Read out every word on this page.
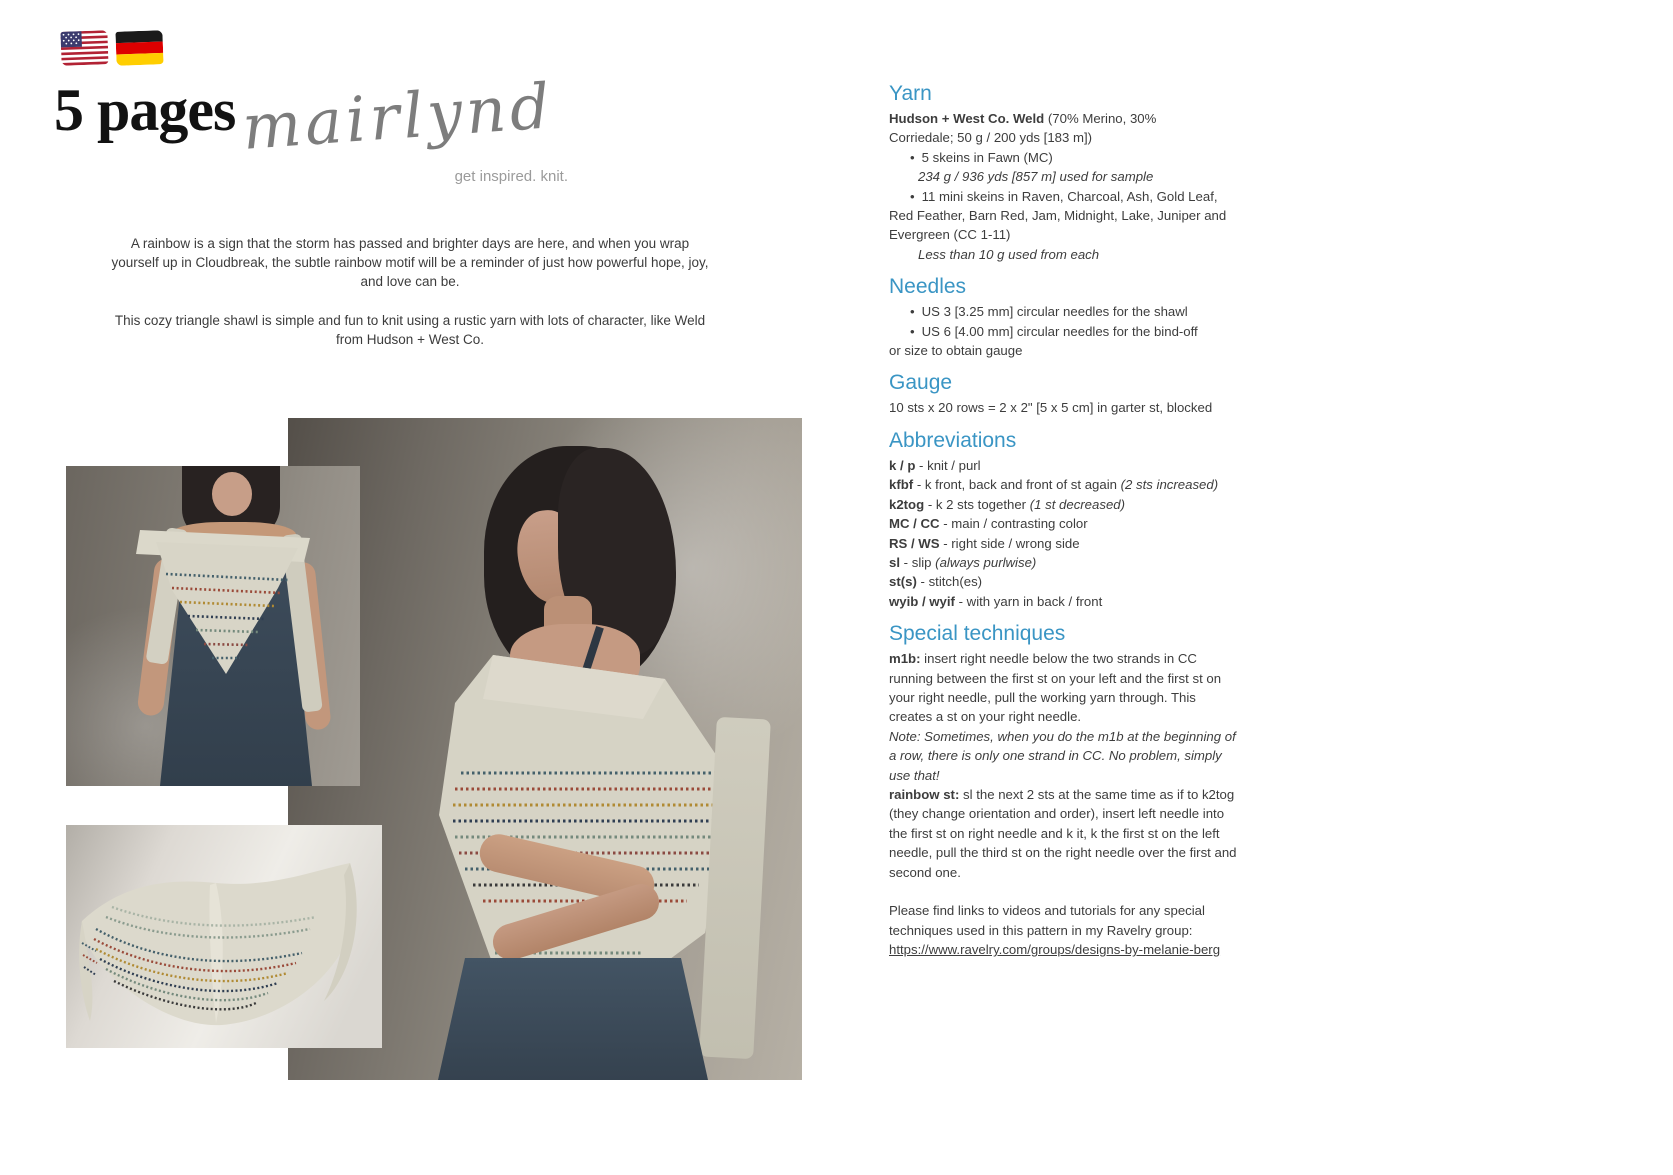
5 pages mairlynd
get inspired. knit.

A rainbow is a sign that the storm has passed and brighter days are here, and when you wrap yourself up in Cloudbreak, the subtle rainbow motif will be a reminder of just how powerful hope, joy, and love can be.

This cozy triangle shawl is simple and fun to knit using a rustic yarn with lots of character, like Weld from Hudson + West Co.

Yarn
Hudson + West Co. Weld (70% Merino, 30%
Corriedale; 50 g / 200 yds [183 m])
• 5 skeins in Fawn (MC)
234 g / 936 yds [857 m] used for sample
• 11 mini skeins in Raven, Charcoal, Ash, Gold Leaf,
Red Feather, Barn Red, Jam, Midnight, Lake, Juniper and
Evergreen (CC 1-11)
Less than 10 g used from each
Needles
• US 3 [3.25 mm] circular needles for the shawl
• US 6 [4.00 mm] circular needles for the bind-off
or size to obtain gauge
Gauge
10 sts x 20 rows = 2 x 2" [5 x 5 cm] in garter st, blocked
Abbreviations
k / p - knit / purl
kfbf - k front, back and front of st again (2 sts increased)
k2tog - k 2 sts together (1 st decreased)
MC / CC - main / contrasting color
RS / WS - right side / wrong side
sl - slip (always purlwise)
st(s) - stitch(es)
wyib / wyif - with yarn in back / front
Special techniques
m1b: insert right needle below the two strands in CC
running between the first st on your left and the first st on
your right needle, pull the working yarn through. This
creates a st on your right needle.
Note: Sometimes, when you do the m1b at the beginning of
a row, there is only one strand in CC. No problem, simply
use that!
rainbow st: sl the next 2 sts at the same time as if to k2tog
(they change orientation and order), insert left needle into
the first st on right needle and k it, k the first st on the left
needle, pull the third st on the right needle over the first and
second one.
Please find links to videos and tutorials for any special
techniques used in this pattern in my Ravelry group:
https://www.ravelry.com/groups/designs-by-melanie-berg
